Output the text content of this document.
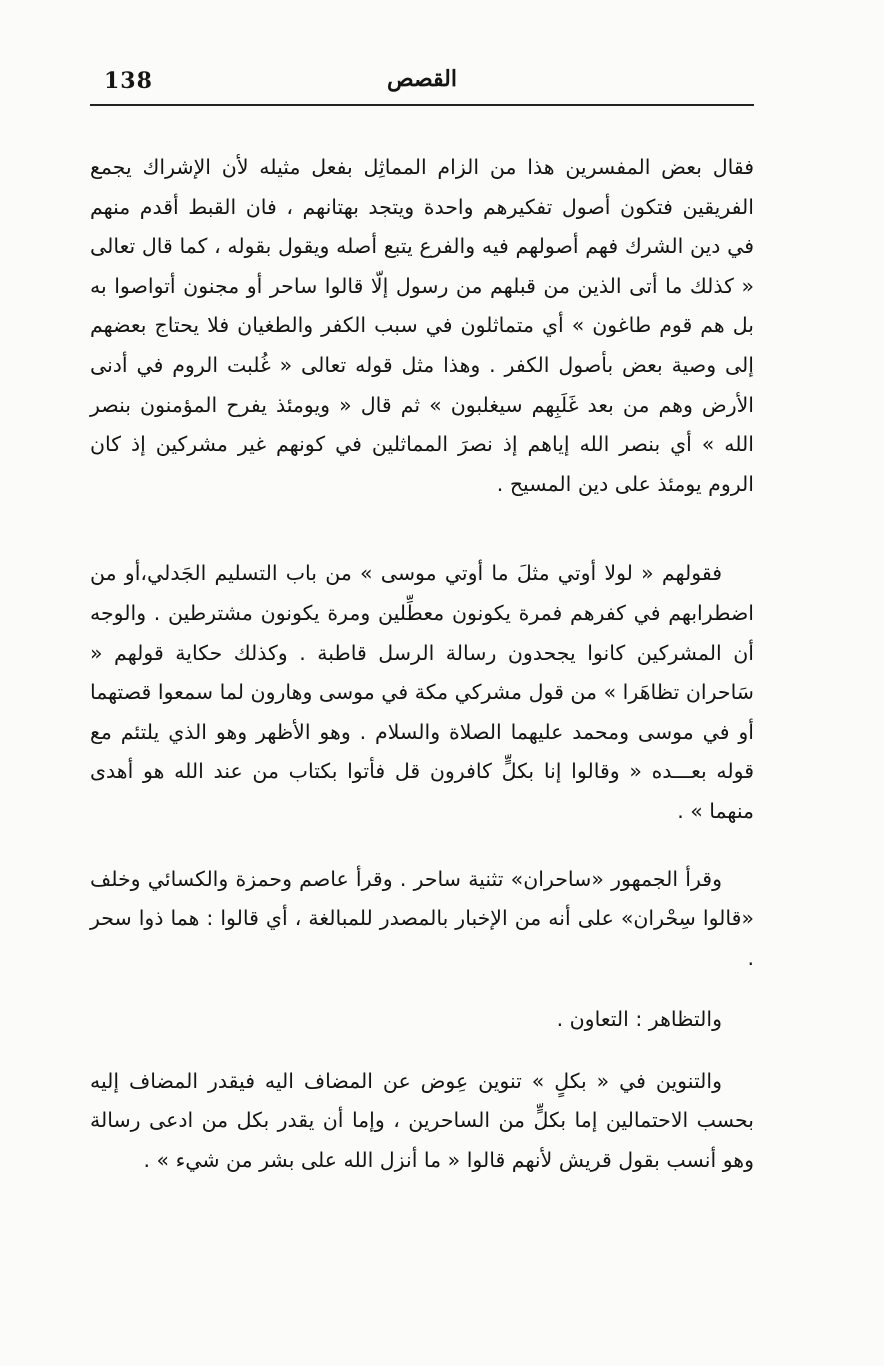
138	القصص

فقال بعض المفسرين هذا من الزام المماثِل بفعل مثيله لأن الإشراك يجمع الفريقين فتكون أصول تفكيرهم واحدة ويتجد بهتانهم ، فان القبط أقدم منهم في دين الشرك فهم أصولهم فيه والفرع يتبع أصله ويقول بقوله ، كما قال تعالى « كذلك ما أتى الذين من قبلهم من رسول إلّا قالوا ساحر أو مجنون أتواصوا به بل هم قوم طاغون » أي متماثلون في سبب الكفر والطغيان فلا يحتاج بعضهم إلى وصية بعض بأصول الكفر . وهذا مثل قوله تعالى « غُلبت الروم في أدنى الأرض وهم من بعد غَلَبِهم سيغلبون » ثم قال « ويومئذ يفرح المؤمنون بنصر الله » أي بنصر الله إياهم إذ نصرَ المماثلين في كونهم غير مشركين إذ كان الروم يومئذ على دين المسيح .

فقولهم « لولا أوتي مثلَ ما أوتي موسى » من باب التسليم الجَدلي،أو من اضطرابهم في كفرهم فمرة يكونون معطِّلين ومرة يكونون مشترطين . والوجه أن المشركين كانوا يجحدون رسالة الرسل قاطبة . وكذلك حكاية قولهم « سَاحران تظاهَرا » من قول مشركي مكة في موسى وهارون لما سمعوا قصتهما أو في موسى ومحمد عليهما الصلاة والسلام . وهو الأظهر وهو الذي يلتئم مع قوله بعـــده « وقالوا إنا بكلٍّ كافرون قل فأتوا بكتاب من عند الله هو أهدى منهما » .

وقرأ الجمهور «ساحران» تثنية ساحر . وقرأ عاصم وحمزة والكسائي وخلف «قالوا سِحْران» على أنه من الإخبار بالمصدر للمبالغة ، أي قالوا : هما ذوا سحر .

والتظاهر : التعاون .

والتنوين في « بكلٍ » تنوين عِوض عن المضاف اليه فيقدر المضاف إليه بحسب الاحتمالين إما بكلٍّ من الساحرين ، وإما أن يقدر بكل من ادعى رسالة وهو أنسب بقول قريش لأنهم قالوا « ما أنزل الله على بشر من شيء » .
